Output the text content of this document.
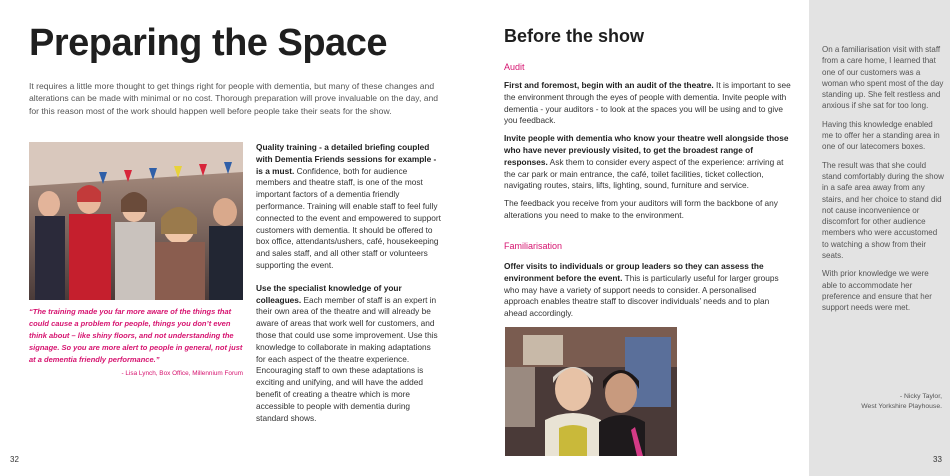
Preparing the Space
It requires a little more thought to get things right for people with dementia, but many of these changes and alterations can be made with minimal or no cost. Thorough preparation will prove invaluable on the day, and for this reason most of the work should happen well before people take their seats for the show.
“The training made you far more aware of the things that could cause a problem for people, things you don’t even think about – like shiny floors, and not understanding the signage. So you are more alert to people in general, not just at a dementia friendly performance.”
- Lisa Lynch, Box Office, Millennium Forum

Quality training - a detailed briefing coupled with Dementia Friends sessions for example - is a must. Confidence, both for audience members and theatre staff, is one of the most important factors of a dementia friendly performance. Training will enable staff to feel fully connected to the event and empowered to support customers with dementia. It should be offered to box office, attendants/ushers, café, housekeeping and sales staff, and all other staff or volunteers supporting the event.

Use the specialist knowledge of your colleagues. Each member of staff is an expert in their own area of the theatre and will already be aware of areas that work well for customers, and those that could use some improvement. Use this knowledge to collaborate in making adaptations for each aspect of the theatre experience. Encouraging staff to own these adaptations is exciting and unifying, and will have the added benefit of creating a theatre which is more accessible to people with dementia during standard shows.

32
Before the show
Audit

First and foremost, begin with an audit of the theatre. It is important to see the environment through the eyes of people with dementia. Invite people with dementia - your auditors - to look at the spaces you will be using and to give you feedback.

Invite people with dementia who know your theatre well alongside those who have never previously visited, to get the broadest range of responses. Ask them to consider every aspect of the experience: arriving at the car park or main entrance, the café, toilet facilities, ticket collection, navigating routes, stairs, lifts, lighting, sound, furniture and service.

The feedback you receive from your auditors will form the backbone of any alterations you need to make to the environment.

Familiarisation

Offer visits to individuals or group leaders so they can assess the environment before the event. This is particularly useful for larger groups who may have a variety of support needs to consider. A personalised approach enables theatre staff to discover individuals’ needs and to plan ahead accordingly.

On a familiarisation visit with staff from a care home, I learned that one of our customers was a woman who spent most of the day standing up. She felt restless and anxious if she sat for too long.

Having this knowledge enabled me to offer her a standing area in one of our latecomers boxes.

The result was that she could stand comfortably during the show in a safe area away from any stairs, and her choice to stand did not cause inconvenience or discomfort for other audience members who were accustomed to watching a show from their seats.

With prior knowledge we were able to accommodate her preference and ensure that her support needs were met.

- Nicky Taylor,
West Yorkshire Playhouse.
33
